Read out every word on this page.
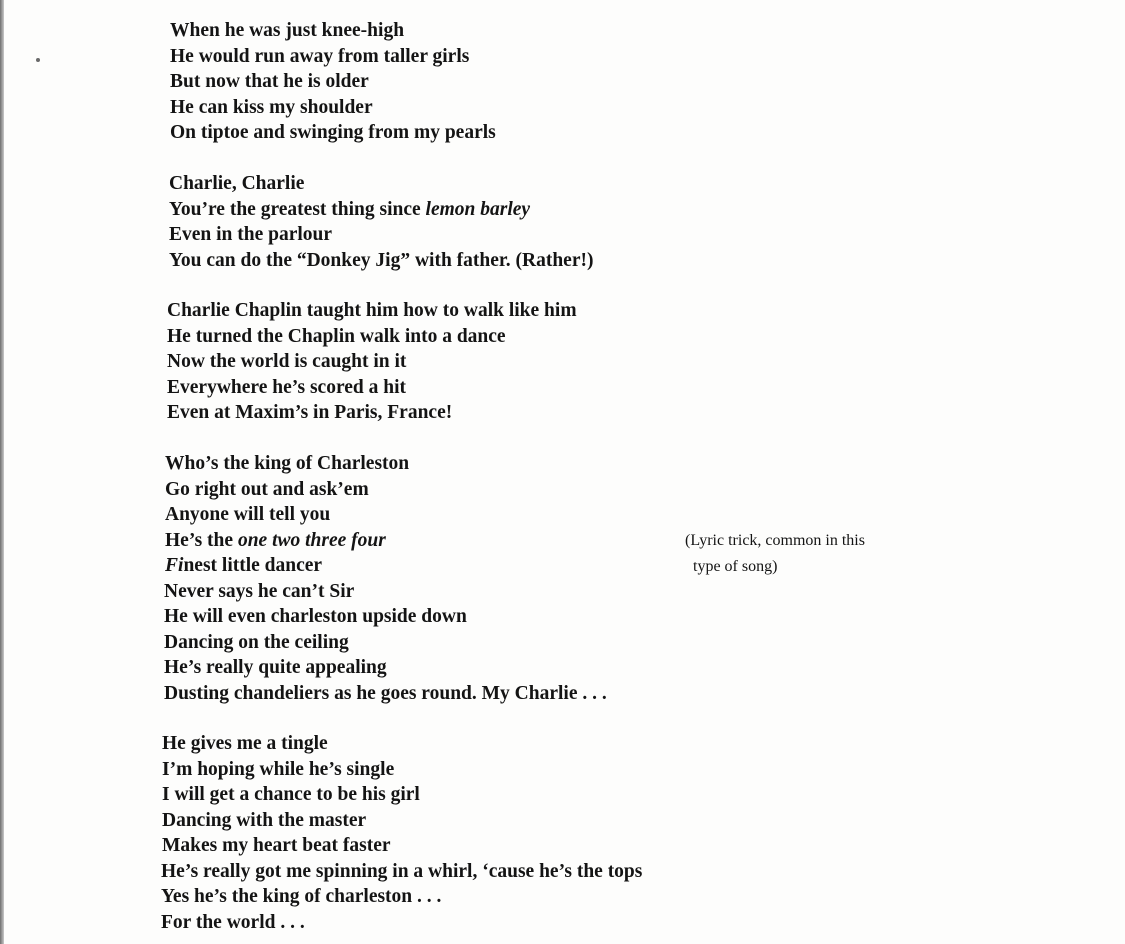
(Lyric trick, common in this
type of song)
When he was just knee-high
He would run away from taller girls
But now that he is older
He can kiss my shoulder
On tiptoe and swinging from my pearls
Charlie, Charlie
You’re the greatest thing since lemon barley
Even in the parlour
You can do the “Donkey Jig” with father. (Rather!)
Charlie Chaplin taught him how to walk like him
He turned the Chaplin walk into a dance
Now the world is caught in it
Everywhere he’s scored a hit
Even at Maxim’s in Paris, France!
Who’s the king of Charleston
Go right out and ask’em
Anyone will tell you
He’s the one two three four
Finest little dancer
Never says he can’t Sir
He will even charleston upside down
Dancing on the ceiling
He’s really quite appealing
Dusting chandeliers as he goes round. My Charlie . . .
He gives me a tingle
I’m hoping while he’s single
I will get a chance to be his girl
Dancing with the master
Makes my heart beat faster
He’s really got me spinning in a whirl, ‘cause he’s the tops
Yes he’s the king of charleston . . .
For the world . . .
